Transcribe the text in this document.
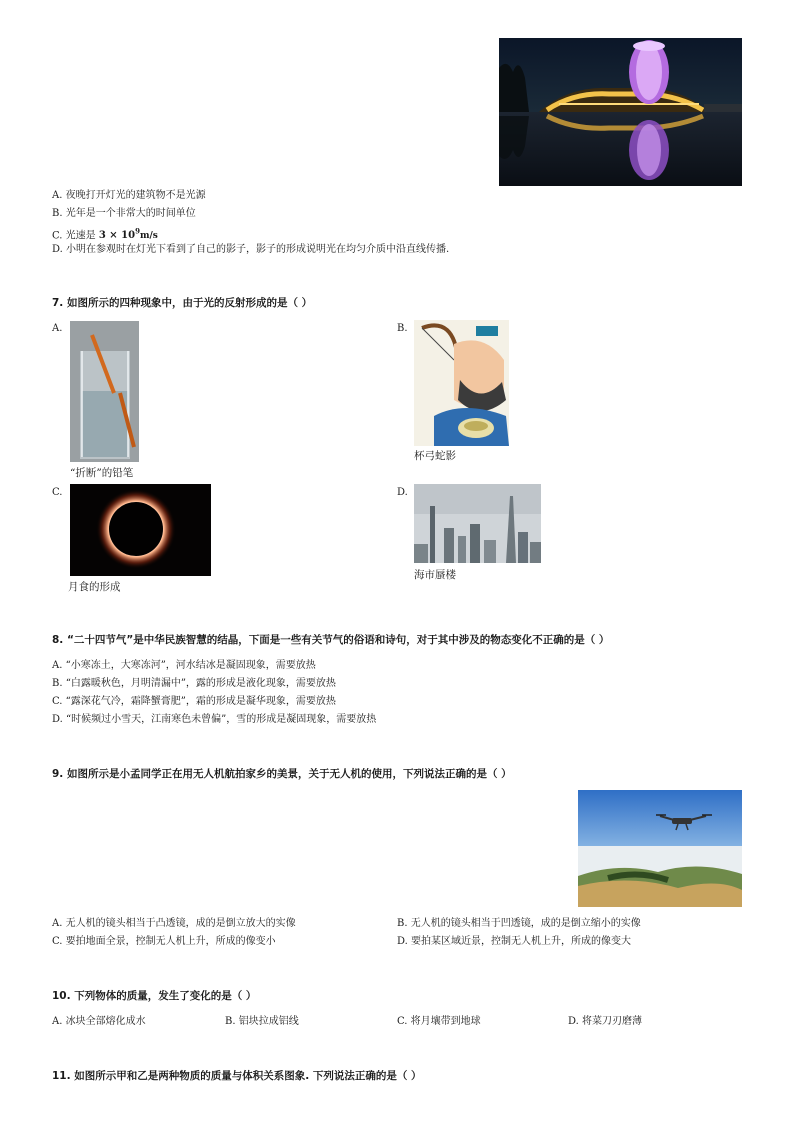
A. 夜晚打开灯光的建筑物不是光源
B. 光年是一个非常大的时间单位
C. 光速是 $3 \times 10^9m/s$
D. 小明在参观时在灯光下看到了自己的影子，影子的形成说明光在均匀介质中沿直线传播.
7. 如图所示的四种现象中，由于光的反射形成的是（ ）
A.
“折断”的铅笔
B.
杯弓蛇影
C.
月食的形成
D.
海市蜃楼
8. “二十四节气”是中华民族智慧的结晶，下面是一些有关节气的俗语和诗句，对于其中涉及的物态变化不正确的是（ ）
A. “小寒冻土，大寒冻河”，河水结冰是凝固现象，需要放热
B. “白露暖秋色，月明清漏中”，露的形成是液化现象，需要放热
C. “露深花气冷，霜降蟹膏肥”，霜的形成是凝华现象，需要放热
D. “时候频过小雪天，江南寒色未曾偏”，雪的形成是凝固现象，需要放热
9. 如图所示是小孟同学正在用无人机航拍家乡的美景，关于无人机的使用，下列说法正确的是（ ）
A. 无人机的镜头相当于凸透镜，成的是倒立放大的实像	B. 无人机的镜头相当于凹透镜，成的是倒立缩小的实像
C. 要拍地面全景，控制无人机上升，所成的像变小	D. 要拍某区域近景，控制无人机上升，所成的像变大
10. 下列物体的质量，发生了变化的是（ ）
A. 冰块全部熔化成水	B. 铝块拉成铝线	C. 将月壤带到地球	D. 将菜刀刃磨薄
11. 如图所示甲和乙是两种物质的质量与体积关系图象. 下列说法正确的是（ ）
